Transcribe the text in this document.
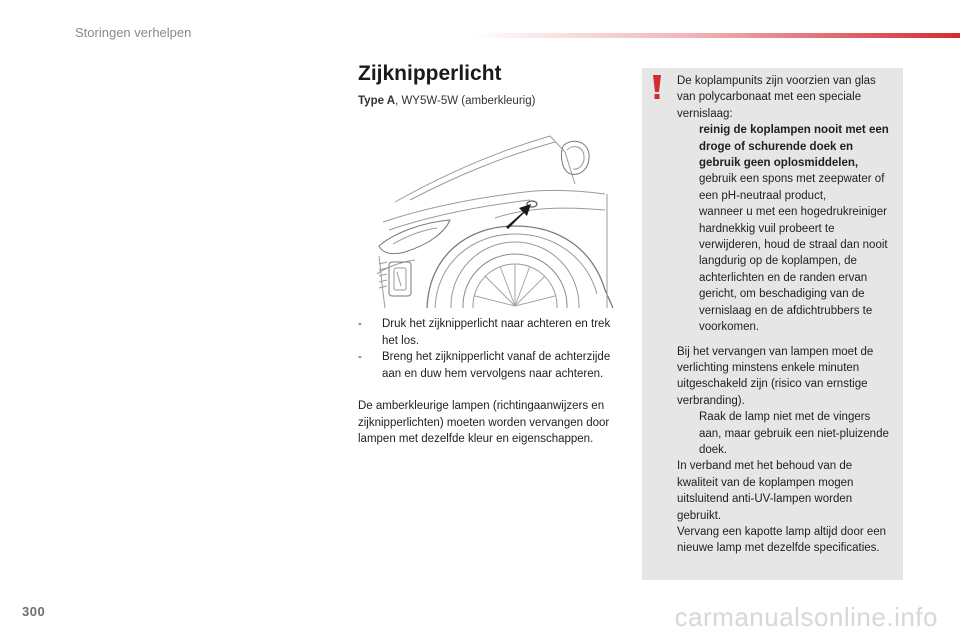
Storingen verhelpen
Zijknipperlicht
Type A, WY5W-5W (amberkleurig)
- Druk het zijknipperlicht naar achteren en trek het los.
- Breng het zijknipperlicht vanaf de achterzijde aan en duw hem vervolgens naar achteren.
De amberkleurige lampen (richtingaanwijzers en zijknipperlichten) moeten worden vervangen door lampen met dezelfde kleur en eigenschappen.

De koplampunits zijn voorzien van glas van polycarbonaat met een speciale vernislaag:

reinig de koplampen nooit met een droge of schurende doek en gebruik geen oplosmiddelen,
gebruik een spons met zeepwater of een pH-neutraal product,
wanneer u met een hogedrukreiniger hardnekkig vuil probeert te verwijderen, houd de straal dan nooit langdurig op de koplampen, de achterlichten en de randen ervan gericht, om beschadiging van de vernislaag en de afdichtrubbers te voorkomen.

Bij het vervangen van lampen moet de verlichting minstens enkele minuten uitgeschakeld zijn (risico van ernstige verbranding).

Raak de lamp niet met de vingers aan, maar gebruik een niet-pluizende doek.

In verband met het behoud van de kwaliteit van de koplampen mogen uitsluitend anti-UV-lampen worden gebruikt.

Vervang een kapotte lamp altijd door een nieuwe lamp met dezelfde specificaties.

300	carmanualsonline.info
